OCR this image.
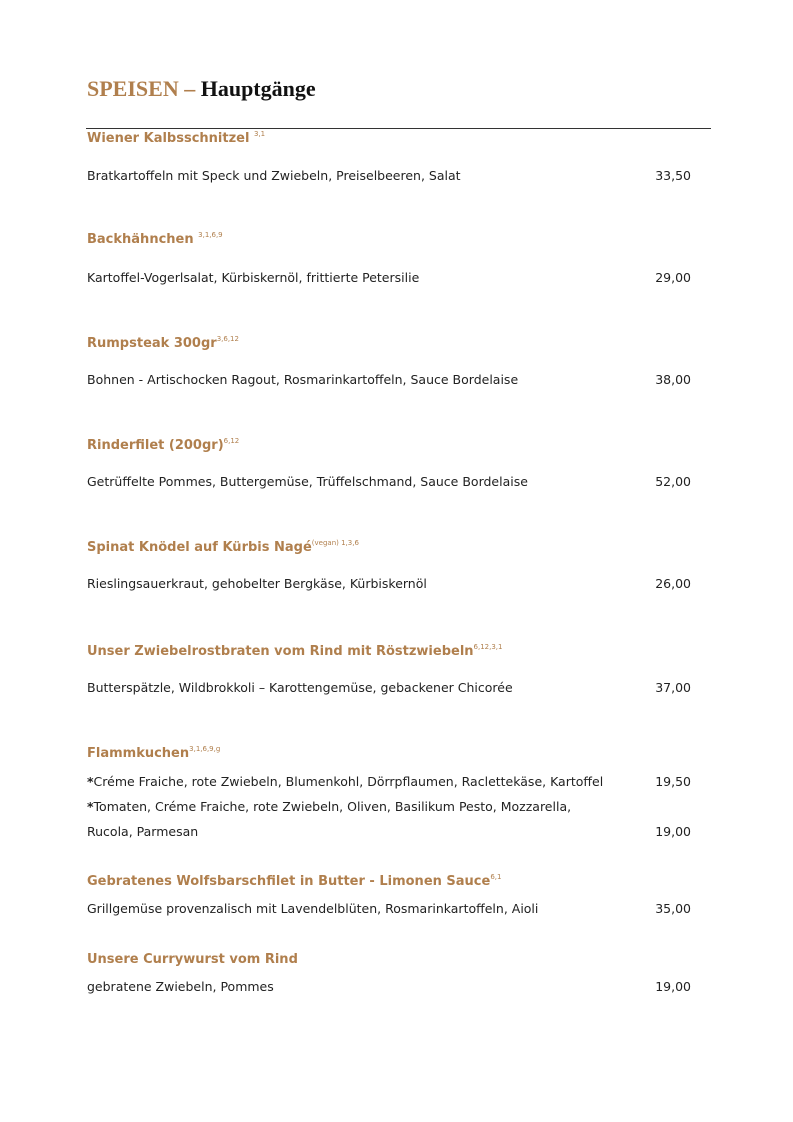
SPEISEN – Hauptgänge
Wiener Kalbsschnitzel $^{3,1}$
Bratkartoffeln mit Speck und Zwiebeln, Preiselbeeren, Salat	33,50
Backhähnchen $^{3,1,6,9}$
Kartoffel-Vogerlsalat, Kürbiskernöl, frittierte Petersilie	29,00
Rumpsteak 300gr$^{3,6,12}$
Bohnen - Artischocken Ragout, Rosmarinkartoffeln, Sauce Bordelaise	38,00
Rinderfilet $(200gr)^{6,12}$
Getrüffelte Pommes, Buttergemüse, Trüffelschmand, Sauce Bordelaise	52,00
Spinat Knödel auf Kürbis Nagé$^{(vegan) 1,3,6}$
Rieslingsauerkraut, gehobelter Bergkäse, Kürbiskernöl	26,00
Unser Zwiebelrostbraten vom Rind mit Röstzwiebeln$^{6,12,3,1}$
Butterspätzle, Wildbrokkoli – Karottengemüse, gebackener Chicorée	37,00
Flammkuchen$^{3,1,6,9,g}$
*Créme Fraiche, rote Zwiebeln, Blumenkohl, Dörrpflaumen, Raclettekäse, Kartoffel	19,50
*Tomaten, Créme Fraiche, rote Zwiebeln, Oliven, Basilikum Pesto, Mozzarella,
Rucola, Parmesan	19,00
Gebratenes Wolfsbarschfilet in Butter - Limonen Sauce$^{6,1}$
Grillgemüse provenzalisch mit Lavendelblüten, Rosmarinkartoffeln, Aioli	35,00
Unsere Currywurst vom Rind
gebratene Zwiebeln, Pommes	19,00
